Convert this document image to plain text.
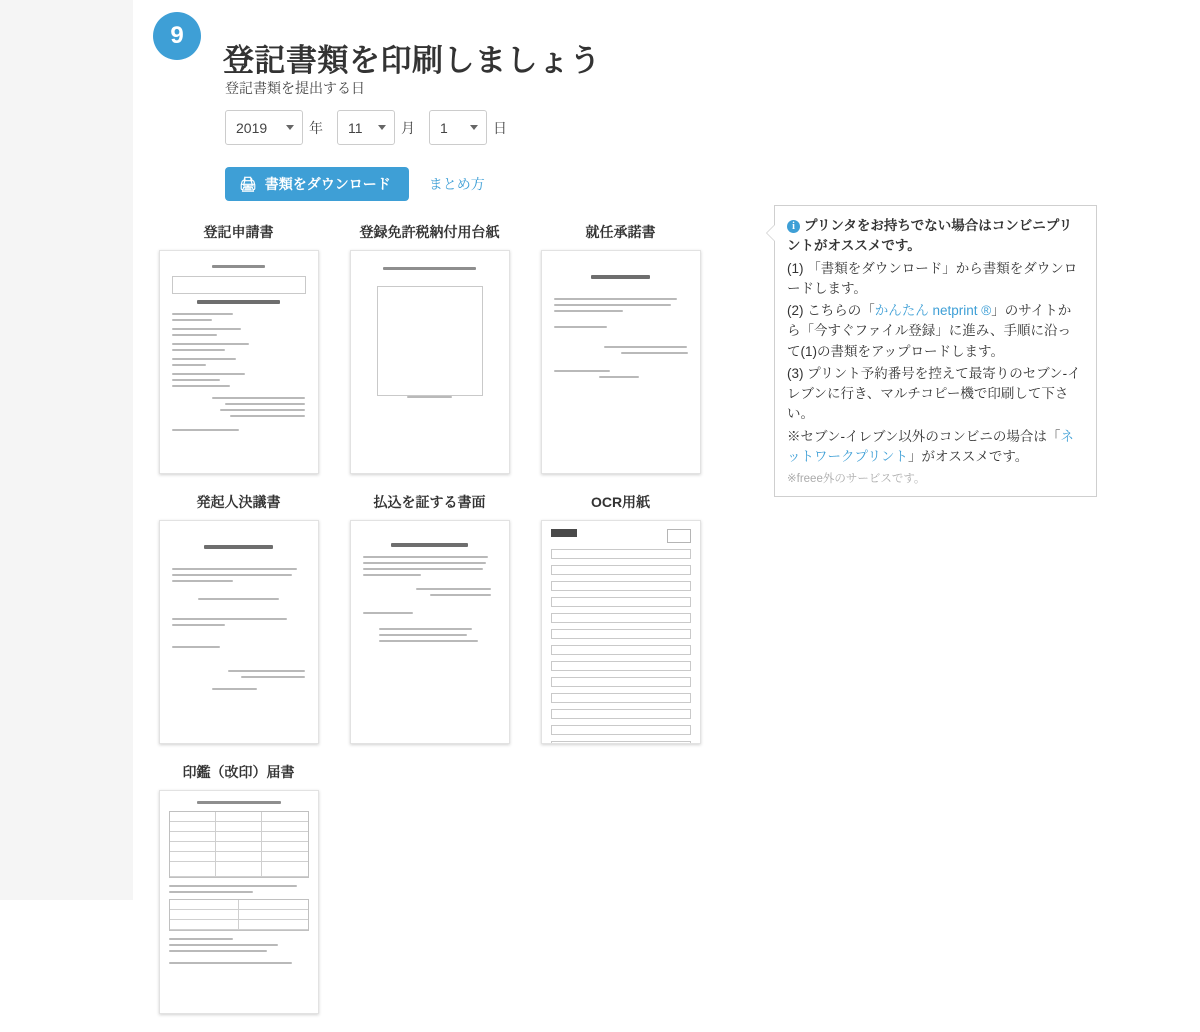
9
登記書類を印刷しましょう
登記書類を提出する日
2019	年	11	月	1	日
🖨 書類をダウンロード	まとめ方
登記申請書	登録免許税納付用台紙	就任承諾書
発起人決議書	払込を証する書面	OCR用紙
印鑑（改印）届書
i プリンタをお持ちでない場合はコンビニプリントがオススメです。

(1) 「書類をダウンロード」から書類をダウンロードします。

(2) こちらの「かんたん netprint ®」のサイトから「今すぐファイル登録」に進み、手順に沿って(1)の書類をアップロードします。

(3) プリント予約番号を控えて最寄りのセブン-イレブンに行き、マルチコピー機で印刷して下さい。

※セブン-イレブン以外のコンビニの場合は「ネットワークプリント」がオススメです。

※freee外のサービスです。
